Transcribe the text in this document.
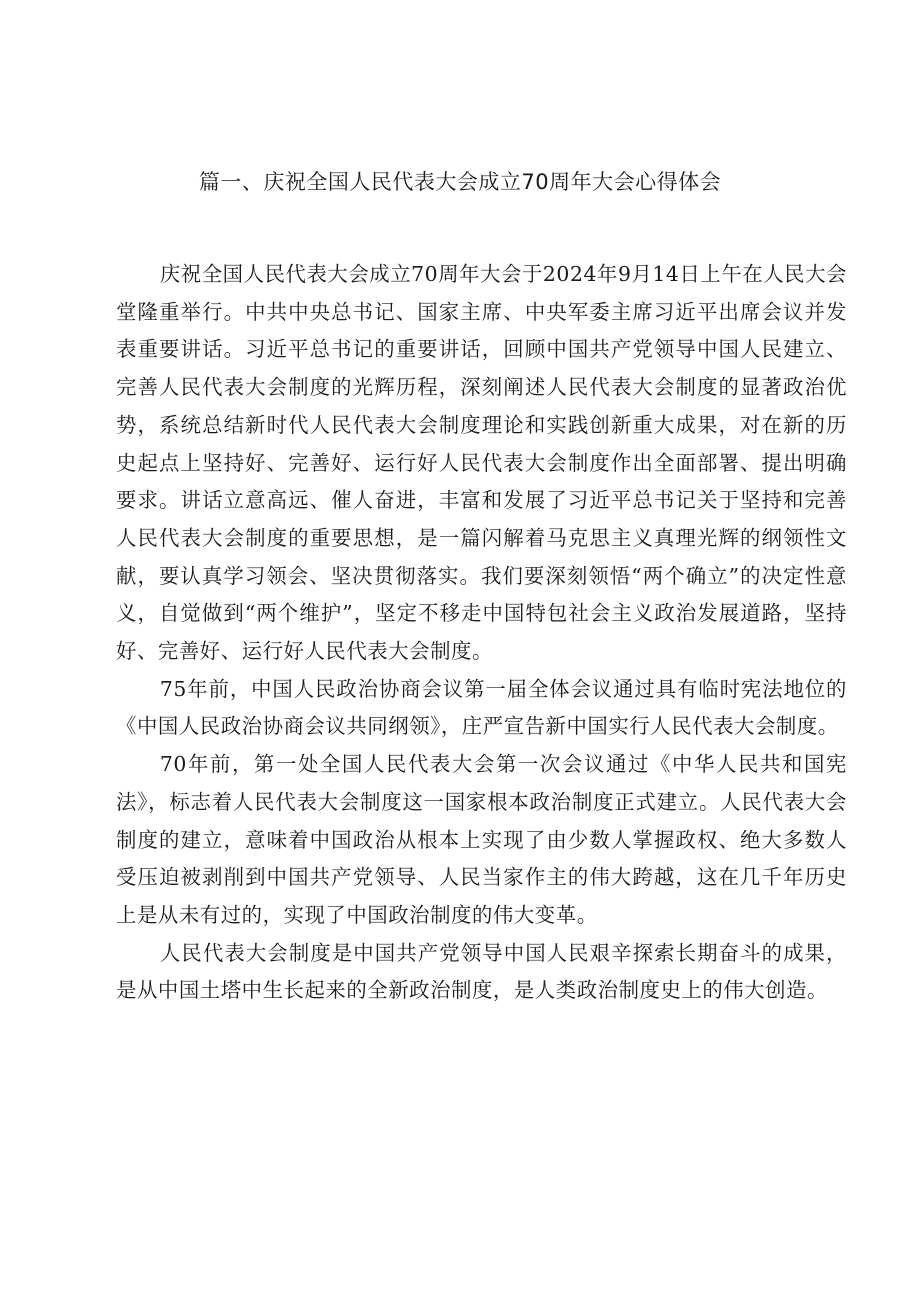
篇一、庆祝全国人民代表大会成立70周年大会心得体会

庆祝全国人民代表大会成立70周年大会于2024年9月14日上午在人民大会堂隆重举行。中共中央总书记、国家主席、中央军委主席习近平出席会议并发表重要讲话。习近平总书记的重要讲话，回顾中国共产党领导中国人民建立、完善人民代表大会制度的光辉历程，深刻阐述人民代表大会制度的显著政治优势，系统总结新时代人民代表大会制度理论和实践创新重大成果，对在新的历史起点上坚持好、完善好、运行好人民代表大会制度作出全面部署、提出明确要求。讲话立意高远、催人奋进，丰富和发展了习近平总书记关于坚持和完善人民代表大会制度的重要思想，是一篇闪解着马克思主义真理光辉的纲领性文献，要认真学习领会、坚决贯彻落实。我们要深刻领悟“两个确立”的决定性意义，自觉做到“两个维护”，坚定不移走中国特包社会主义政治发展道路，坚持好、完善好、运行好人民代表大会制度。

75年前，中国人民政治协商会议第一届全体会议通过具有临时宪法地位的《中国人民政治协商会议共同纲领》，庄严宣告新中国实行人民代表大会制度。

70年前，第一处全国人民代表大会第一次会议通过《中华人民共和国宪法》，标志着人民代表大会制度这一国家根本政治制度正式建立。人民代表大会制度的建立，意味着中国政治从根本上实现了由少数人掌握政权、绝大多数人受压迫被剥削到中国共产党领导、人民当家作主的伟大跨越，这在几千年历史上是从未有过的，实现了中国政治制度的伟大变革。

人民代表大会制度是中国共产党领导中国人民艰辛探索长期奋斗的成果，是从中国土塔中生长起来的全新政治制度，是人类政治制度史上的伟大创造。
